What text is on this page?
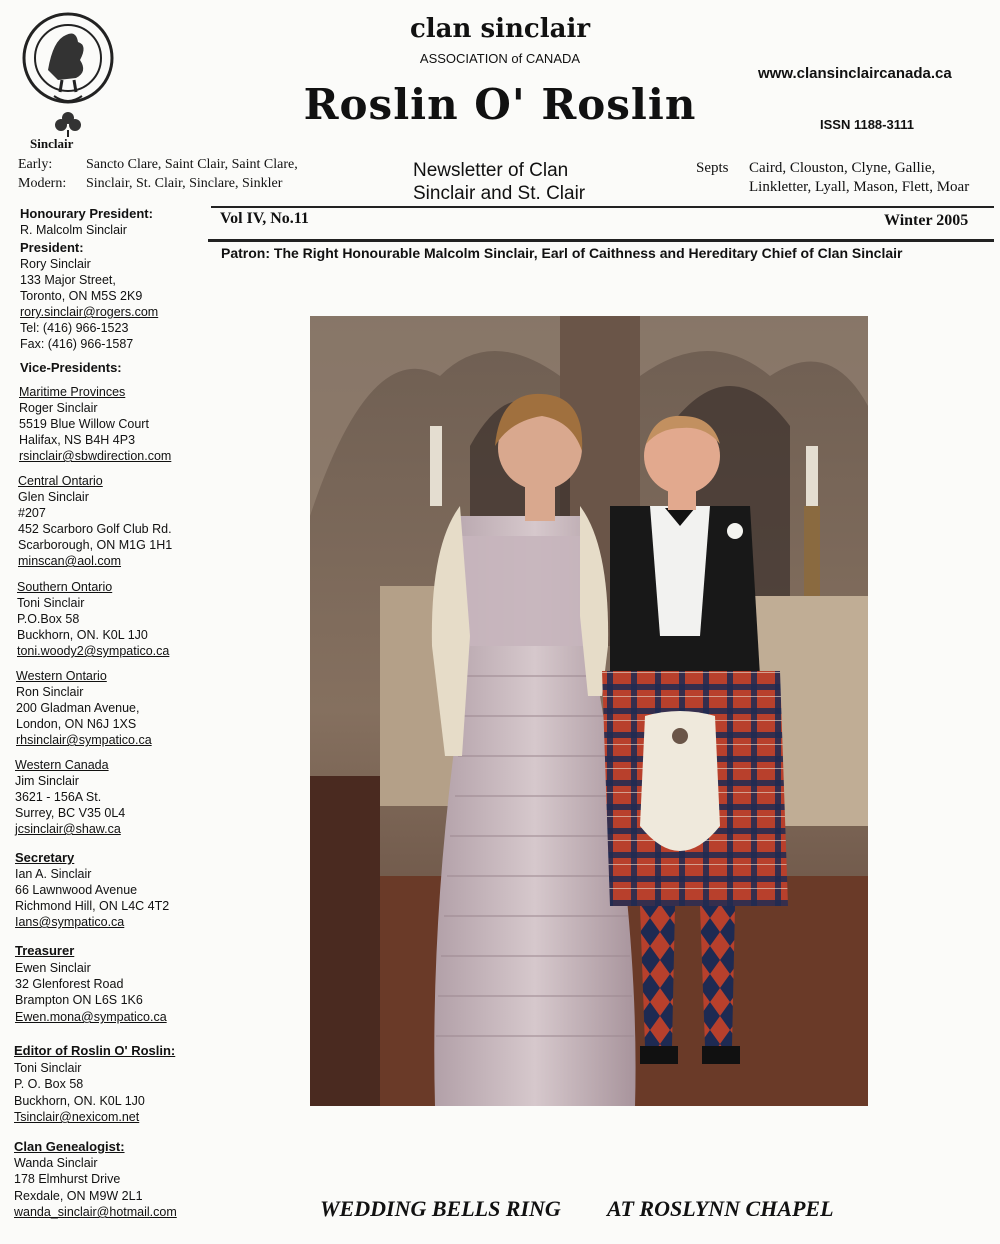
Sinclair
Early: Sancto Clare, Saint Clair, Saint Clare,
Modern: Sinclair, St. Clair, Sinclare, Sinkler
clan sinclair
ASSOCIATION of CANADA
Roslin O' Roslin
www.clansinclaircanada.ca
ISSN 1188-3111
Newsletter of Clan
Sinclair and St. Clair
Septs Caird, Clouston, Clyne, Gallie,
Linkletter, Lyall, Mason, Flett, Moar
Vol IV, No.11	Winter 2005
Patron: The Right Honourable Malcolm Sinclair, Earl of Caithness and Hereditary Chief of Clan Sinclair
Honourary President:
R. Malcolm Sinclair
President:
Rory Sinclair
133 Major Street,
Toronto, ON M5S 2K9
rory.sinclair@rogers.com
Tel: (416) 966-1523
Fax: (416) 966-1587
Vice-Presidents:
Maritime Provinces
Roger Sinclair
5519 Blue Willow Court
Halifax, NS B4H 4P3
rsinclair@sbwdirection.com
Central Ontario
Glen Sinclair
#207
452 Scarboro Golf Club Rd.
Scarborough, ON M1G 1H1
minscan@aol.com
Southern Ontario
Toni Sinclair
P.O.Box 58
Buckhorn, ON. K0L 1J0
toni.woody2@sympatico.ca
Western Ontario
Ron Sinclair
200 Gladman Avenue,
London, ON N6J 1XS
rhsinclair@sympatico.ca
Western Canada
Jim Sinclair
3621 - 156A St.
Surrey, BC V35 0L4
jcsinclair@shaw.ca
Secretary
Ian A. Sinclair
66 Lawnwood Avenue
Richmond Hill, ON L4C 4T2
Ians@sympatico.ca
Treasurer
Ewen Sinclair
32 Glenforest Road
Brampton ON L6S 1K6
Ewen.mona@sympatico.ca
Editor of Roslin O' Roslin:
Toni Sinclair
P. O. Box 58
Buckhorn, ON. K0L 1J0
Tsinclair@nexicom.net
Clan Genealogist:
Wanda Sinclair
178 Elmhurst Drive
Rexdale, ON M9W 2L1
wanda_sinclair@hotmail.com	WEDDING BELLS RING AT ROSLYNN CHAPEL
